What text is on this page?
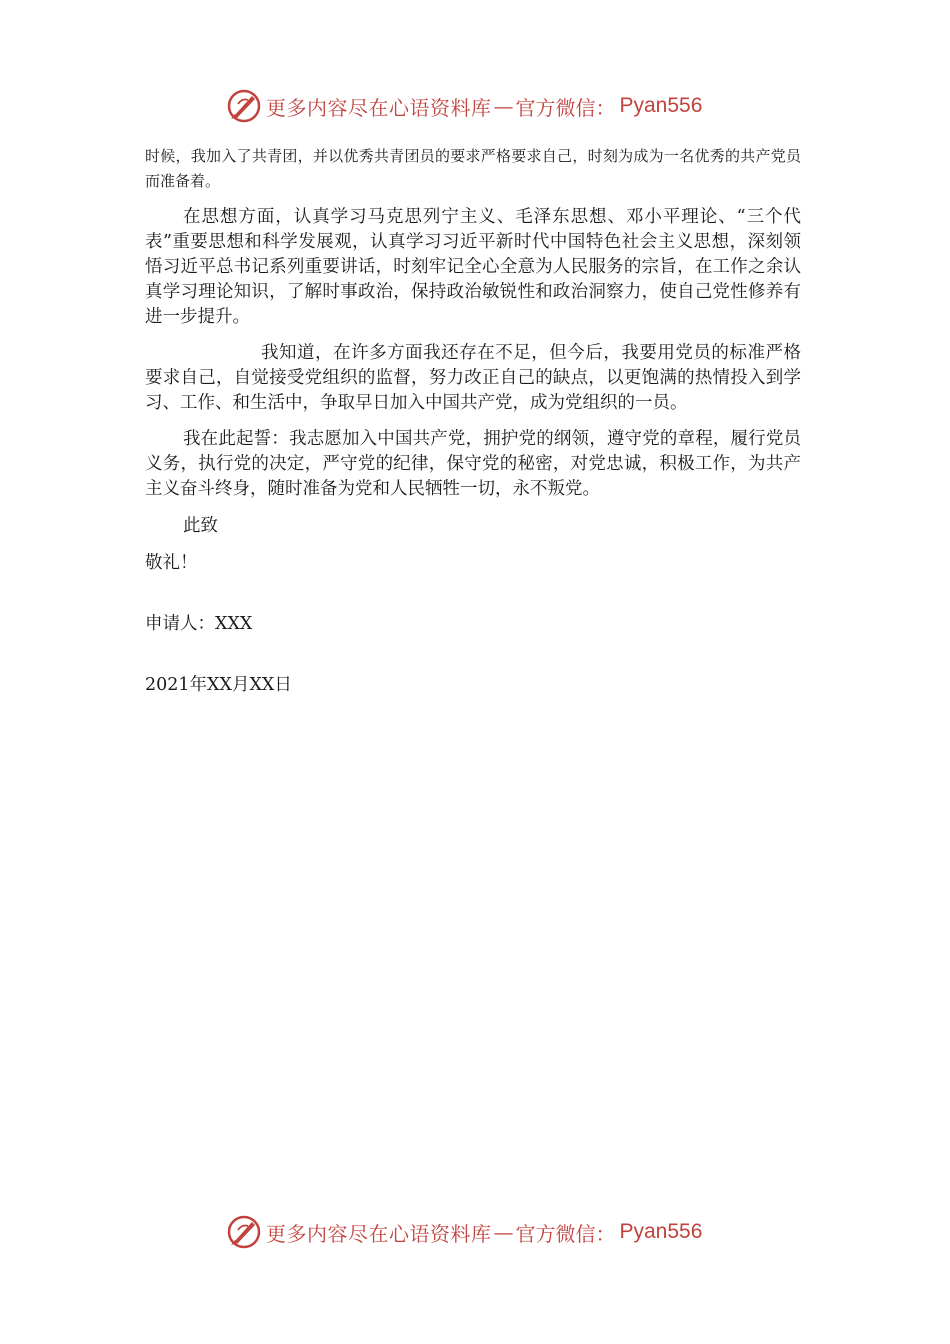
更多内容尽在心语资料库 — 官方微信： Pyan556

时候，我加入了共青团，并以优秀共青团员的要求严格要求自己，时刻为成为一名优秀的共产党员而准备着。

在思想方面，认真学习马克思列宁主义、毛泽东思想、邓小平理论、“三个代表”重要思想和科学发展观，认真学习习近平新时代中国特色社会主义思想，深刻领悟习近平总书记系列重要讲话，时刻牢记全心全意为人民服务的宗旨，在工作之余认真学习理论知识，了解时事政治，保持政治敏锐性和政治洞察力，使自己党性修养有进一步提升。

我知道，在许多方面我还存在不足，但今后，我要用党员的标准严格要求自己，自觉接受党组织的监督，努力改正自己的缺点，以更饱满的热情投入到学习、工作、和生活中，争取早日加入中国共产党，成为党组织的一员。

我在此起誓：我志愿加入中国共产党，拥护党的纲领，遵守党的章程，履行党员义务，执行党的决定，严守党的纪律，保守党的秘密，对党忠诚，积极工作，为共产主义奋斗终身，随时准备为党和人民牺牲一切，永不叛党。

此致

敬礼！

申请人：XXX

2021年XX月XX日

更多内容尽在心语资料库 — 官方微信： Pyan556
